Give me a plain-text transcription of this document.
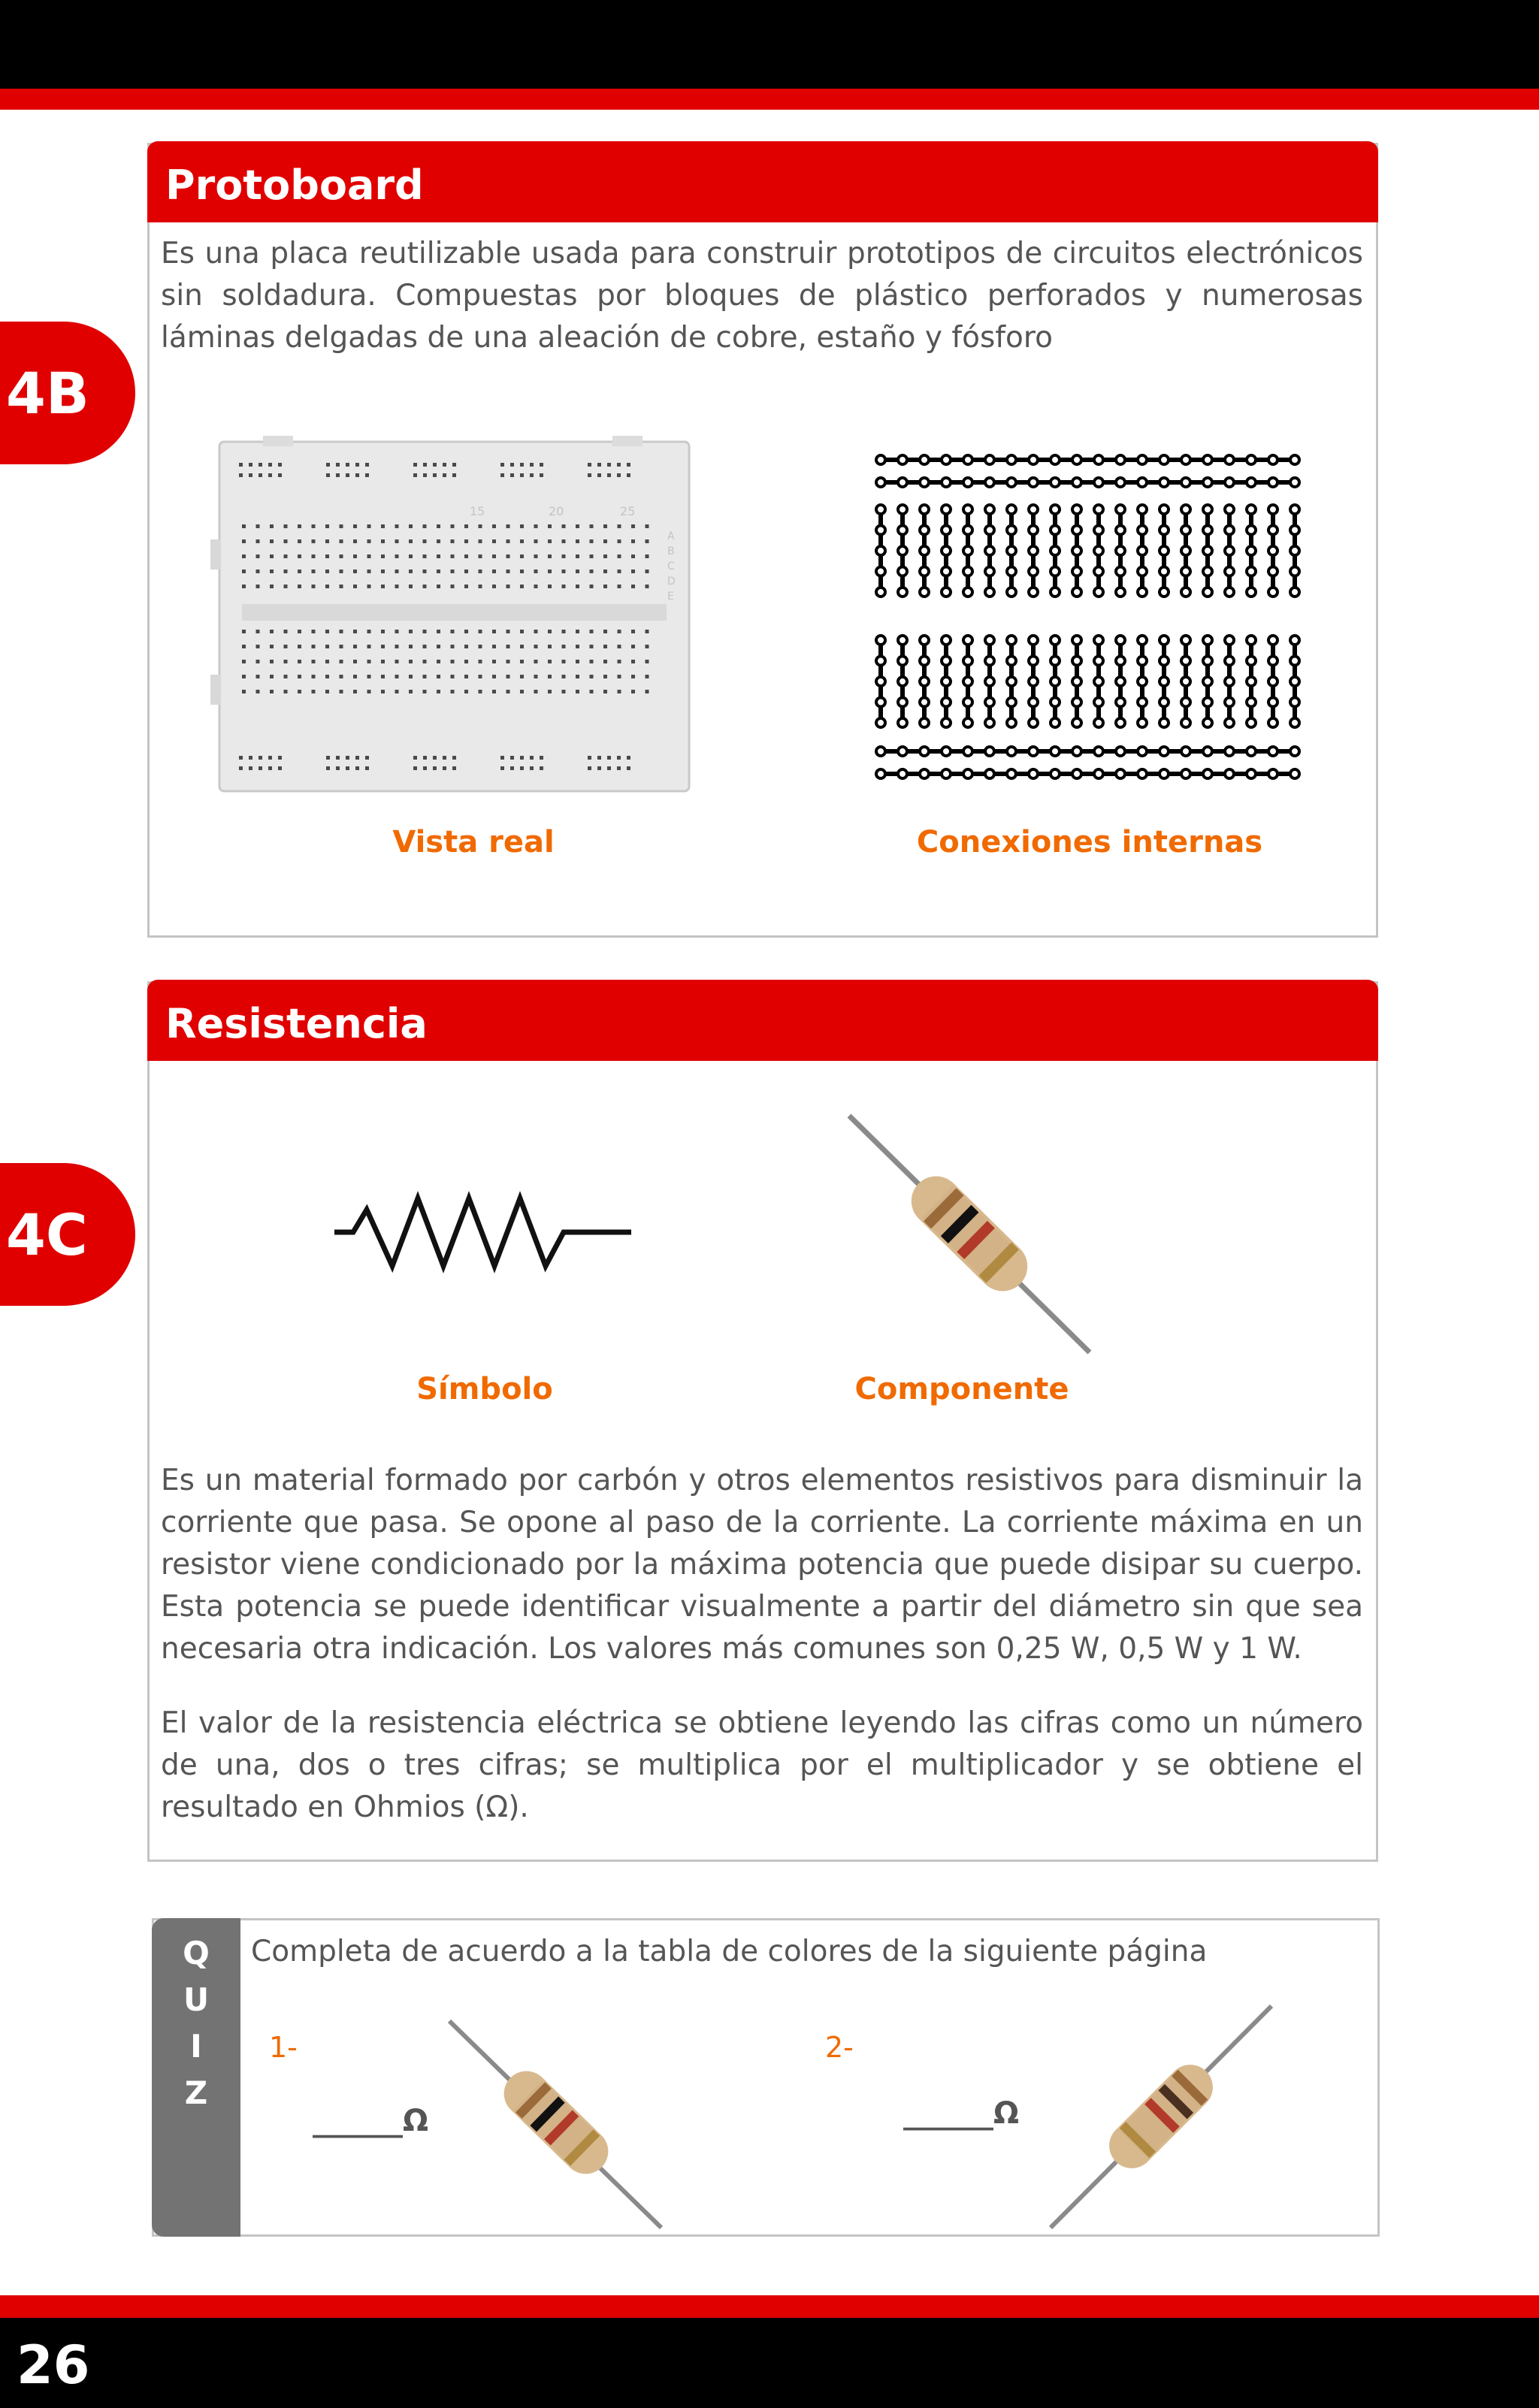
4B
Protoboard
Es una placa reutilizable usada para construir prototipos de circuitos electrónicos sin soldadura. Compuestas por bloques de plástico perforados y numerosas láminas delgadas de una aleación de cobre, estaño y fósforo
15	20	25
A
B
C
D
E
Vista real	Conexiones internas
4C
Resistencia
Símbolo	Componente
Es un material formado por carbón y otros elementos resistivos para disminuir la corriente que pasa. Se opone al paso de la corriente. La corriente máxima en un resistor viene condicionado por la máxima potencia que puede disipar su cuerpo. Esta potencia se puede identificar visualmente a partir del diámetro sin que sea necesaria otra indicación. Los valores más comunes son 0,25 W, 0,5 W y 1 W.
El valor de la resistencia eléctrica se obtiene leyendo las cifras como un número de una, dos o tres cifras; se multiplica por el multiplicador y se obtiene el resultado en Ohmios (Ω).
Q
U
I
Z
Completa de acuerdo a la tabla de colores de la siguiente página
1-	2-
______Ω	______Ω
26
